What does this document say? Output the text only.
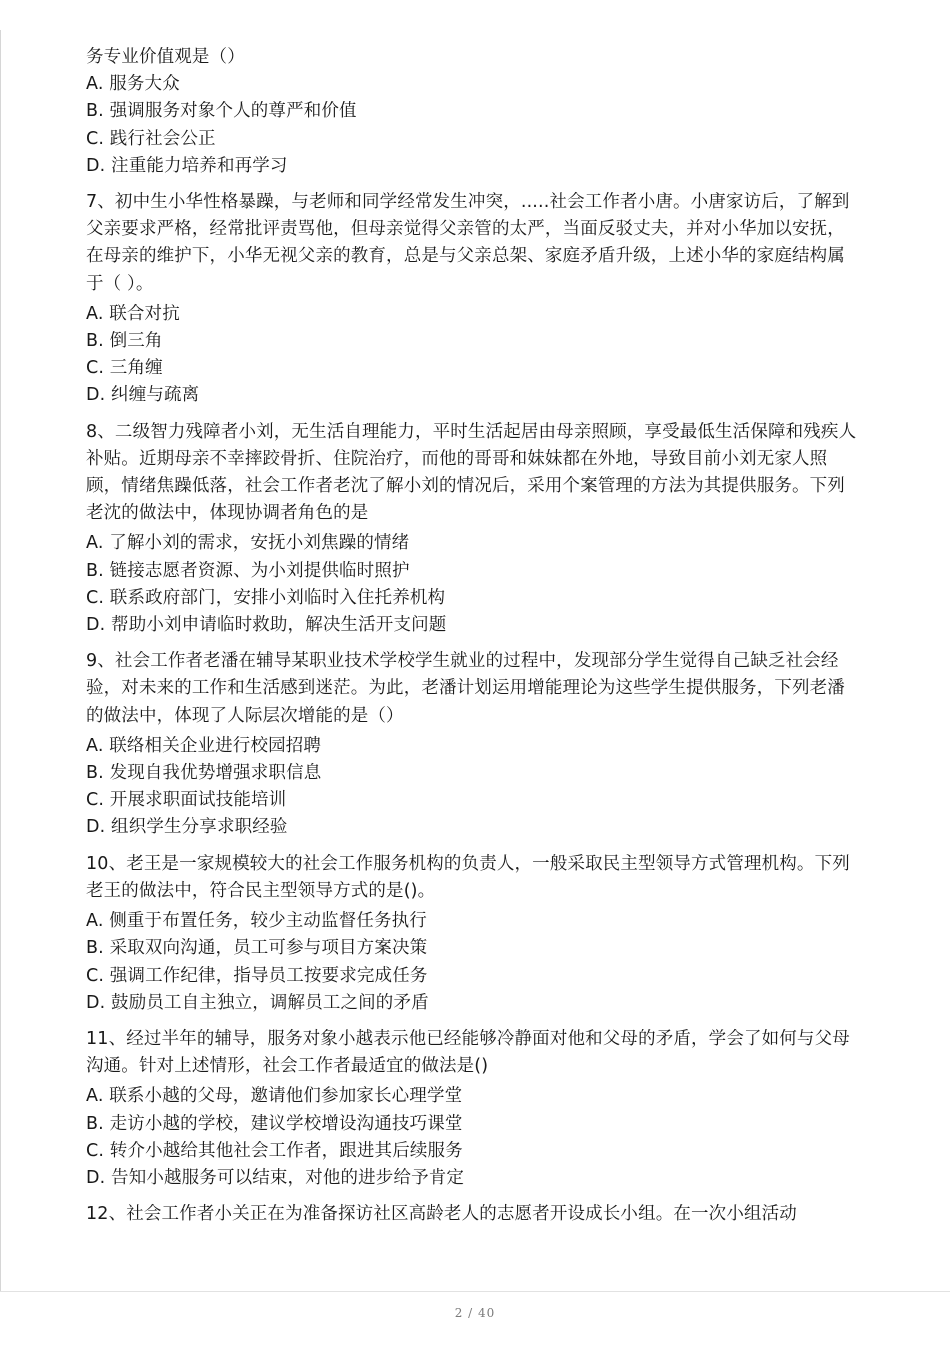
务专业价值观是（）

A. 服务大众

B. 强调服务对象个人的尊严和价值

C. 践行社会公正

D. 注重能力培养和再学习

7、初中生小华性格暴躁，与老师和同学经常发生冲突，.....社会工作者小唐。小唐家访后，了解到父亲要求严格，经常批评责骂他，但母亲觉得父亲管的太严，当面反驳丈夫，并对小华加以安抚，在母亲的维护下，小华无视父亲的教育，总是与父亲总架、家庭矛盾升级，上述小华的家庭结构属于（ ）。

A. 联合对抗

B. 倒三角

C. 三角缠

D. 纠缠与疏离

8、二级智力残障者小刘，无生活自理能力，平时生活起居由母亲照顾，享受最低生活保障和残疾人补贴。近期母亲不幸摔跤骨折、住院治疗，而他的哥哥和妹妹都在外地，导致目前小刘无家人照顾，情绪焦躁低落，社会工作者老沈了解小刘的情况后，采用个案管理的方法为其提供服务。下列老沈的做法中，体现协调者角色的是

A. 了解小刘的需求，安抚小刘焦躁的情绪

B. 链接志愿者资源、为小刘提供临时照护

C. 联系政府部门，安排小刘临时入住托养机构

D. 帮助小刘申请临时救助，解决生活开支问题

9、社会工作者老潘在辅导某职业技术学校学生就业的过程中，发现部分学生觉得自己缺乏社会经验，对未来的工作和生活感到迷茫。为此，老潘计划运用增能理论为这些学生提供服务，下列老潘的做法中，体现了人际层次增能的是（）

A. 联络相关企业进行校园招聘

B. 发现自我优势增强求职信息

C. 开展求职面试技能培训

D. 组织学生分享求职经验

10、老王是一家规模较大的社会工作服务机构的负责人，一般采取民主型领导方式管理机构。下列老王的做法中，符合民主型领导方式的是()。

A. 侧重于布置任务，较少主动监督任务执行

B. 采取双向沟通，员工可参与项目方案决策

C. 强调工作纪律，指导员工按要求完成任务

D. 鼓励员工自主独立，调解员工之间的矛盾

11、经过半年的辅导，服务对象小越表示他已经能够冷静面对他和父母的矛盾，学会了如何与父母沟通。针对上述情形，社会工作者最适宜的做法是()

A. 联系小越的父母，邀请他们参加家长心理学堂

B. 走访小越的学校，建议学校增设沟通技巧课堂

C. 转介小越给其他社会工作者，跟进其后续服务

D. 告知小越服务可以结束，对他的进步给予肯定

12、社会工作者小关正在为准备探访社区高龄老人的志愿者开设成长小组。在一次小组活动

2 / 40
